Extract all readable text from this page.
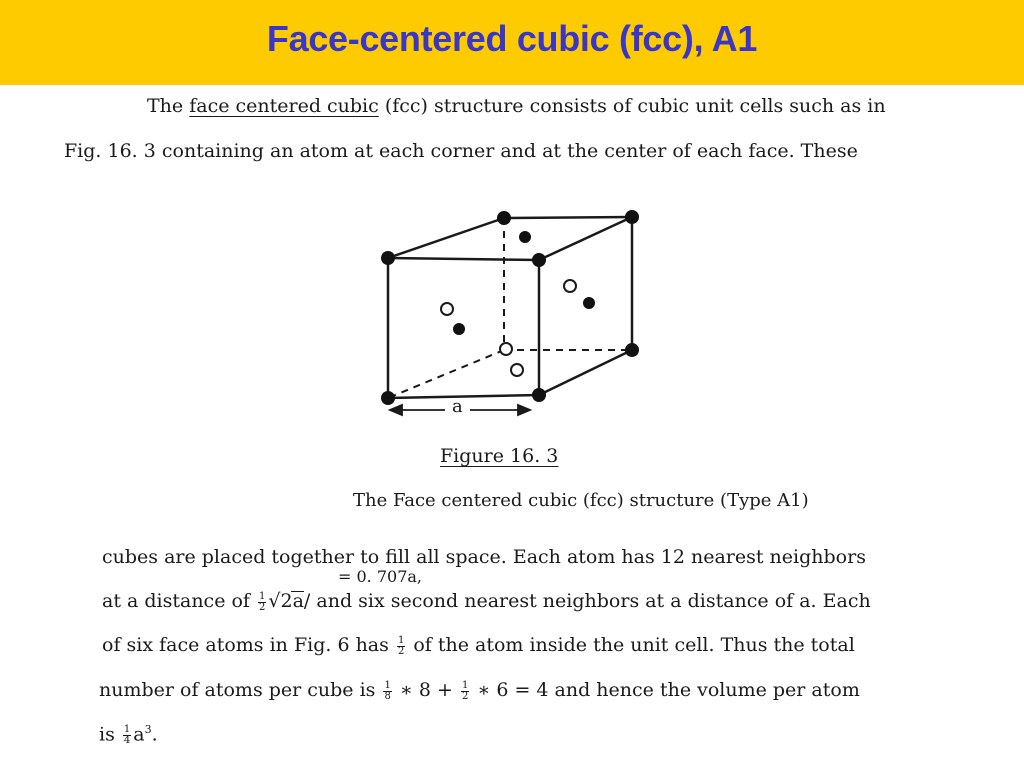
Face-centered cubic (fcc), A1
The face centered cubic (fcc) structure consists of cubic unit cells such as in
Fig. 16. 3 containing an atom at each corner and at the center of each face. These
a
Figure 16. 3
The Face centered cubic (fcc) structure (Type A1)
cubes are placed together to fill all space. Each atom has 12 nearest neighbors
= 0. 707a,
at a distance of $\frac{1}{2} √2a/$ and six second nearest neighbors at a distance of a. Each
of six face atoms in Fig. 6 has $\frac{1}{2}$ of the atom inside the unit cell. Thus the total
number of atoms per cube is $\frac{1}{8}$ ∗ $8 + \frac{1}{2}$ ∗ 6 = 4 and hence the volume per atom
is $\frac{1}{4} a^3$.
